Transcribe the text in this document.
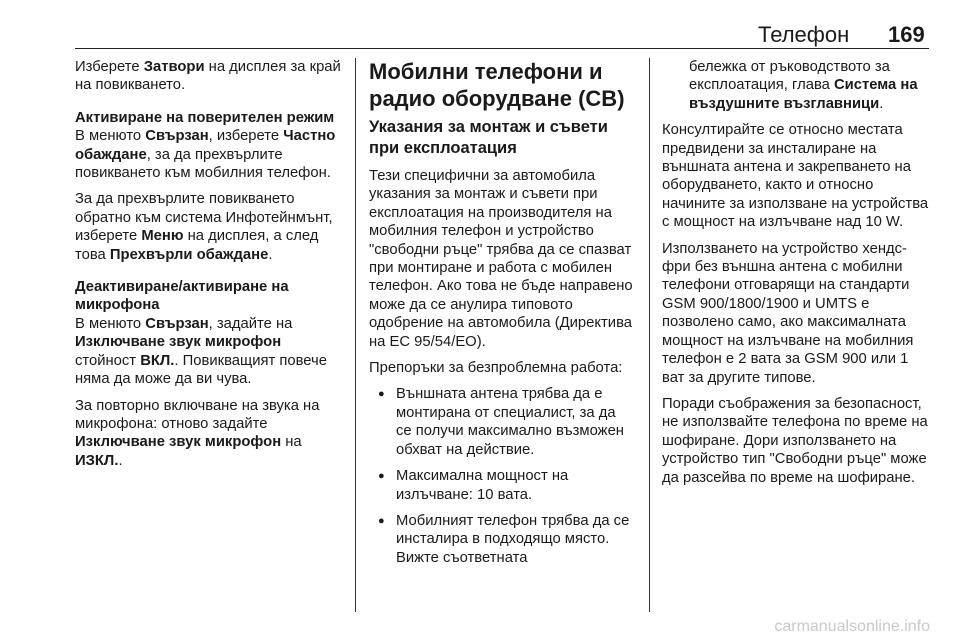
Телефон 169

Изберете Затвори на дисплея за край на повикването.

Активиране на поверителен режим

В менюто Свързан, изберете Частно обаждане, за да прехвърлите повикването към мобилния телефон.

За да прехвърлите повикването обратно към система Инфотейнмънт, изберете Меню на дисплея, а след това Прехвърли обаждане.

Деактивиране/активиране на микрофона

В менюто Свързан, задайте на Изключване звук микрофон стойност ВКЛ.. Повикващият повече няма да може да ви чува.

За повторно включване на звука на микрофона: отново задайте Изключване звук микрофон на ИЗКЛ..

Мобилни телефони и радио оборудване (CB)
Указания за монтаж и съвети при експлоатация

Тези специфични за автомобила указания за монтаж и съвети при експлоатация на производителя на мобилния телефон и устройство "свободни ръце" трябва да се спазват при монтиране и работа с мобилен телефон. Ако това не бъде направено може да се анулира типовото одобрение на автомобила (Директива на ЕС 95/54/ЕО).

Препоръки за безпроблемна работа:

● Външната антена трябва да е монтирана от специалист, за да се получи максимално възможен обхват на действие.
● Максимална мощност на излъчване: 10 вата.
● Мобилният телефон трябва да се инсталира в подходящо място. Вижте съответната

бележка от ръководството за експлоатация, глава Система на въздушните възглавници.

Консултирайте се относно местата предвидени за инсталиране на външната антена и закрепването на оборудването, както и относно начините за използване на устройства с мощност на излъчване над 10 W.

Използването на устройство хендс-фри без външна антена с мобилни телефони отговарящи на стандарти GSM 900/1800/1900 и UMTS е позволено само, ако максималната мощност на излъчване на мобилния телефон е 2 вата за GSM 900 или 1 ват за другите типове.

Поради съображения за безопасност, не използвайте телефона по време на шофиране. Дори използването на устройство тип "Свободни ръце" може да разсейва по време на шофиране.

carmanualsonline.info
